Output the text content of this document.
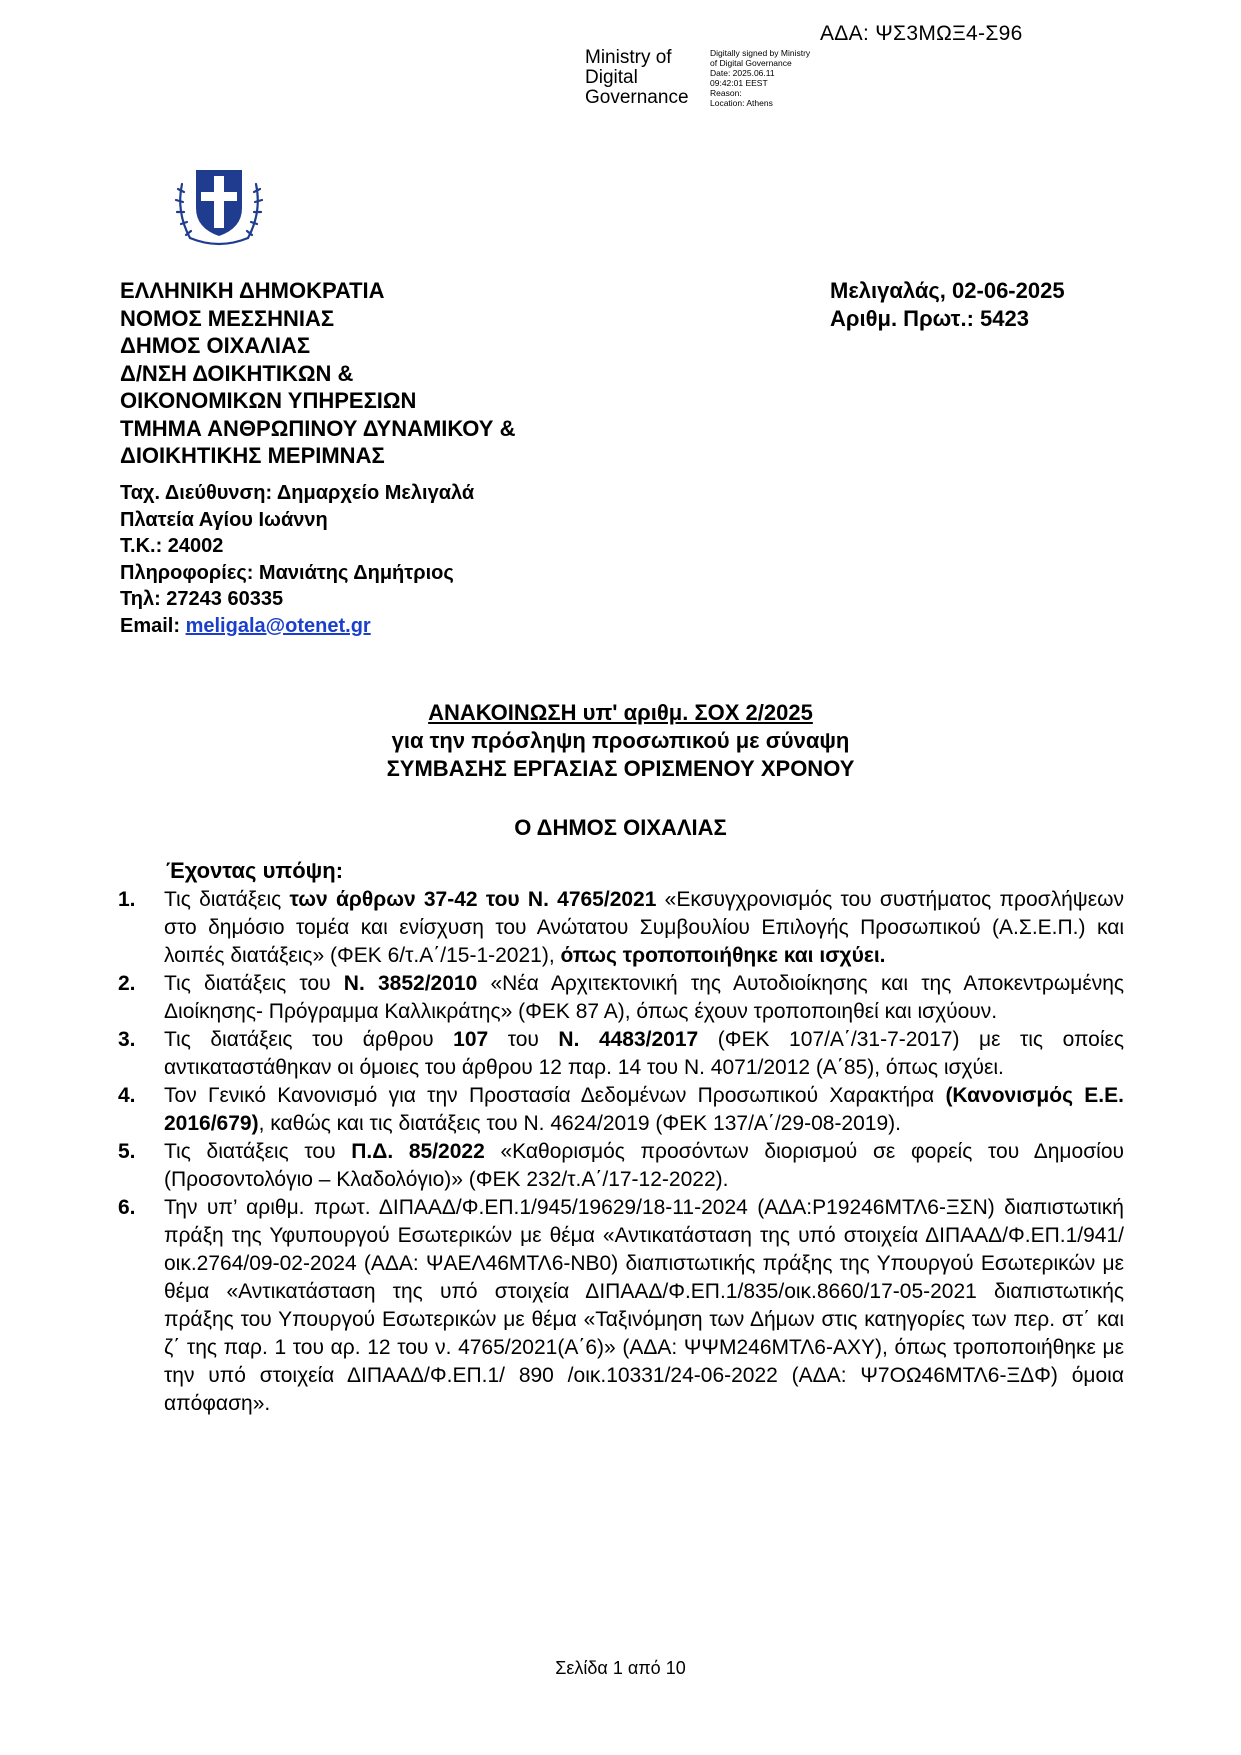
ΑΔΑ: ΨΣ3ΜΩΞ4-Σ96
Ministry of
Digital
Governance
Digitally signed by Ministry
of Digital Governance
Date: 2025.06.11
09:42:01 EEST
Reason:
Location: Athens
ΕΛΛΗΝΙΚΗ ΔΗΜΟΚΡΑΤΙΑ
ΝΟΜΟΣ ΜΕΣΣΗΝΙΑΣ
ΔΗΜΟΣ ΟΙΧΑΛΙΑΣ
Δ/ΝΣΗ ΔΟΙΚΗΤΙΚΩΝ &
ΟΙΚΟΝΟΜΙΚΩΝ ΥΠΗΡΕΣΙΩΝ
ΤΜΗΜΑ ΑΝΘΡΩΠΙΝΟΥ ΔΥΝΑΜΙΚΟΥ &
ΔΙΟΙΚΗΤΙΚΗΣ ΜΕΡΙΜΝΑΣ
Ταχ. Διεύθυνση: Δημαρχείο Μελιγαλά
Πλατεία Αγίου Ιωάννη
Τ.Κ.: 24002
Πληροφορίες: Μανιάτης Δημήτριος
Τηλ: 27243 60335
Email: meligala@otenet.gr
Μελιγαλάς, 02-06-2025
Αριθμ. Πρωτ.: 5423
ΑΝΑΚΟΙΝΩΣΗ υπ' αριθμ. ΣΟΧ 2/2025
για την πρόσληψη προσωπικού με σύναψη
ΣΥΜΒΑΣΗΣ ΕΡΓΑΣΙΑΣ ΟΡΙΣΜΕΝΟΥ ΧΡΟΝΟΥ
Ο ΔΗΜΟΣ ΟΙΧΑΛΙΑΣ
Έχοντας υπόψη:
1. Τις διατάξεις των άρθρων 37-42 του Ν. 4765/2021 «Εκσυγχρονισμός του συστήματος προσλήψεων στο δημόσιο τομέα και ενίσχυση του Ανώτατου Συμβουλίου Επιλογής Προσωπικού (Α.Σ.Ε.Π.) και λοιπές διατάξεις» (ΦΕΚ 6/τ.Α΄/15-1-2021), όπως τροποποιήθηκε και ισχύει.
2. Τις διατάξεις του Ν. 3852/2010 «Νέα Αρχιτεκτονική της Αυτοδιοίκησης και της Αποκεντρωμένης Διοίκησης- Πρόγραμμα Καλλικράτης» (ΦΕΚ 87 Α), όπως έχουν τροποποιηθεί και ισχύουν.
3. Τις διατάξεις του άρθρου 107 του Ν. 4483/2017 (ΦΕΚ 107/Α΄/31-7-2017) με τις οποίες αντικαταστάθηκαν οι όμοιες του άρθρου 12 παρ. 14 του Ν. 4071/2012 (Α΄85), όπως ισχύει.
4. Τον Γενικό Κανονισμό για την Προστασία Δεδομένων Προσωπικού Χαρακτήρα (Κανονισμός Ε.Ε. 2016/679), καθώς και τις διατάξεις του Ν. 4624/2019 (ΦΕΚ 137/Α΄/29-08-2019).
5. Τις διατάξεις του Π.Δ. 85/2022 «Καθορισμός προσόντων διορισμού σε φορείς του Δημοσίου (Προσοντολόγιο – Κλαδολόγιο)» (ΦΕΚ 232/τ.Α΄/17-12-2022).
6. Την υπ’ αριθμ. πρωτ. ΔΙΠΑΑΔ/Φ.ΕΠ.1/945/19629/18-11-2024 (ΑΔΑ:Ρ19246ΜΤΛ6-ΞΣΝ) διαπιστωτική πράξη της Υφυπουργού Εσωτερικών με θέμα «Αντικατάσταση της υπό στοιχεία ΔΙΠΑΑΔ/Φ.ΕΠ.1/941/οικ.2764/09-02-2024 (ΑΔΑ: ΨΑΕΛ46ΜΤΛ6-ΝΒ0) διαπιστωτικής πράξης της Υπουργού Εσωτερικών με θέμα «Αντικατάσταση της υπό στοιχεία ΔΙΠΑΑΔ/Φ.ΕΠ.1/835/οικ.8660/17-05-2021 διαπιστωτικής πράξης του Υπουργού Εσωτερικών με θέμα «Ταξινόμηση των Δήμων στις κατηγορίες των περ. στ΄ και ζ΄ της παρ. 1 του αρ. 12 του ν. 4765/2021(Α΄6)» (ΑΔΑ: ΨΨΜ246ΜΤΛ6-ΑΧΥ), όπως τροποποιήθηκε με την υπό στοιχεία ΔΙΠΑΑΔ/Φ.ΕΠ.1/ 890 /οικ.10331/24-06-2022 (ΑΔΑ: Ψ7ΟΩ46ΜΤΛ6-ΞΔΦ) όμοια απόφαση».
Σελίδα 1 από 10
